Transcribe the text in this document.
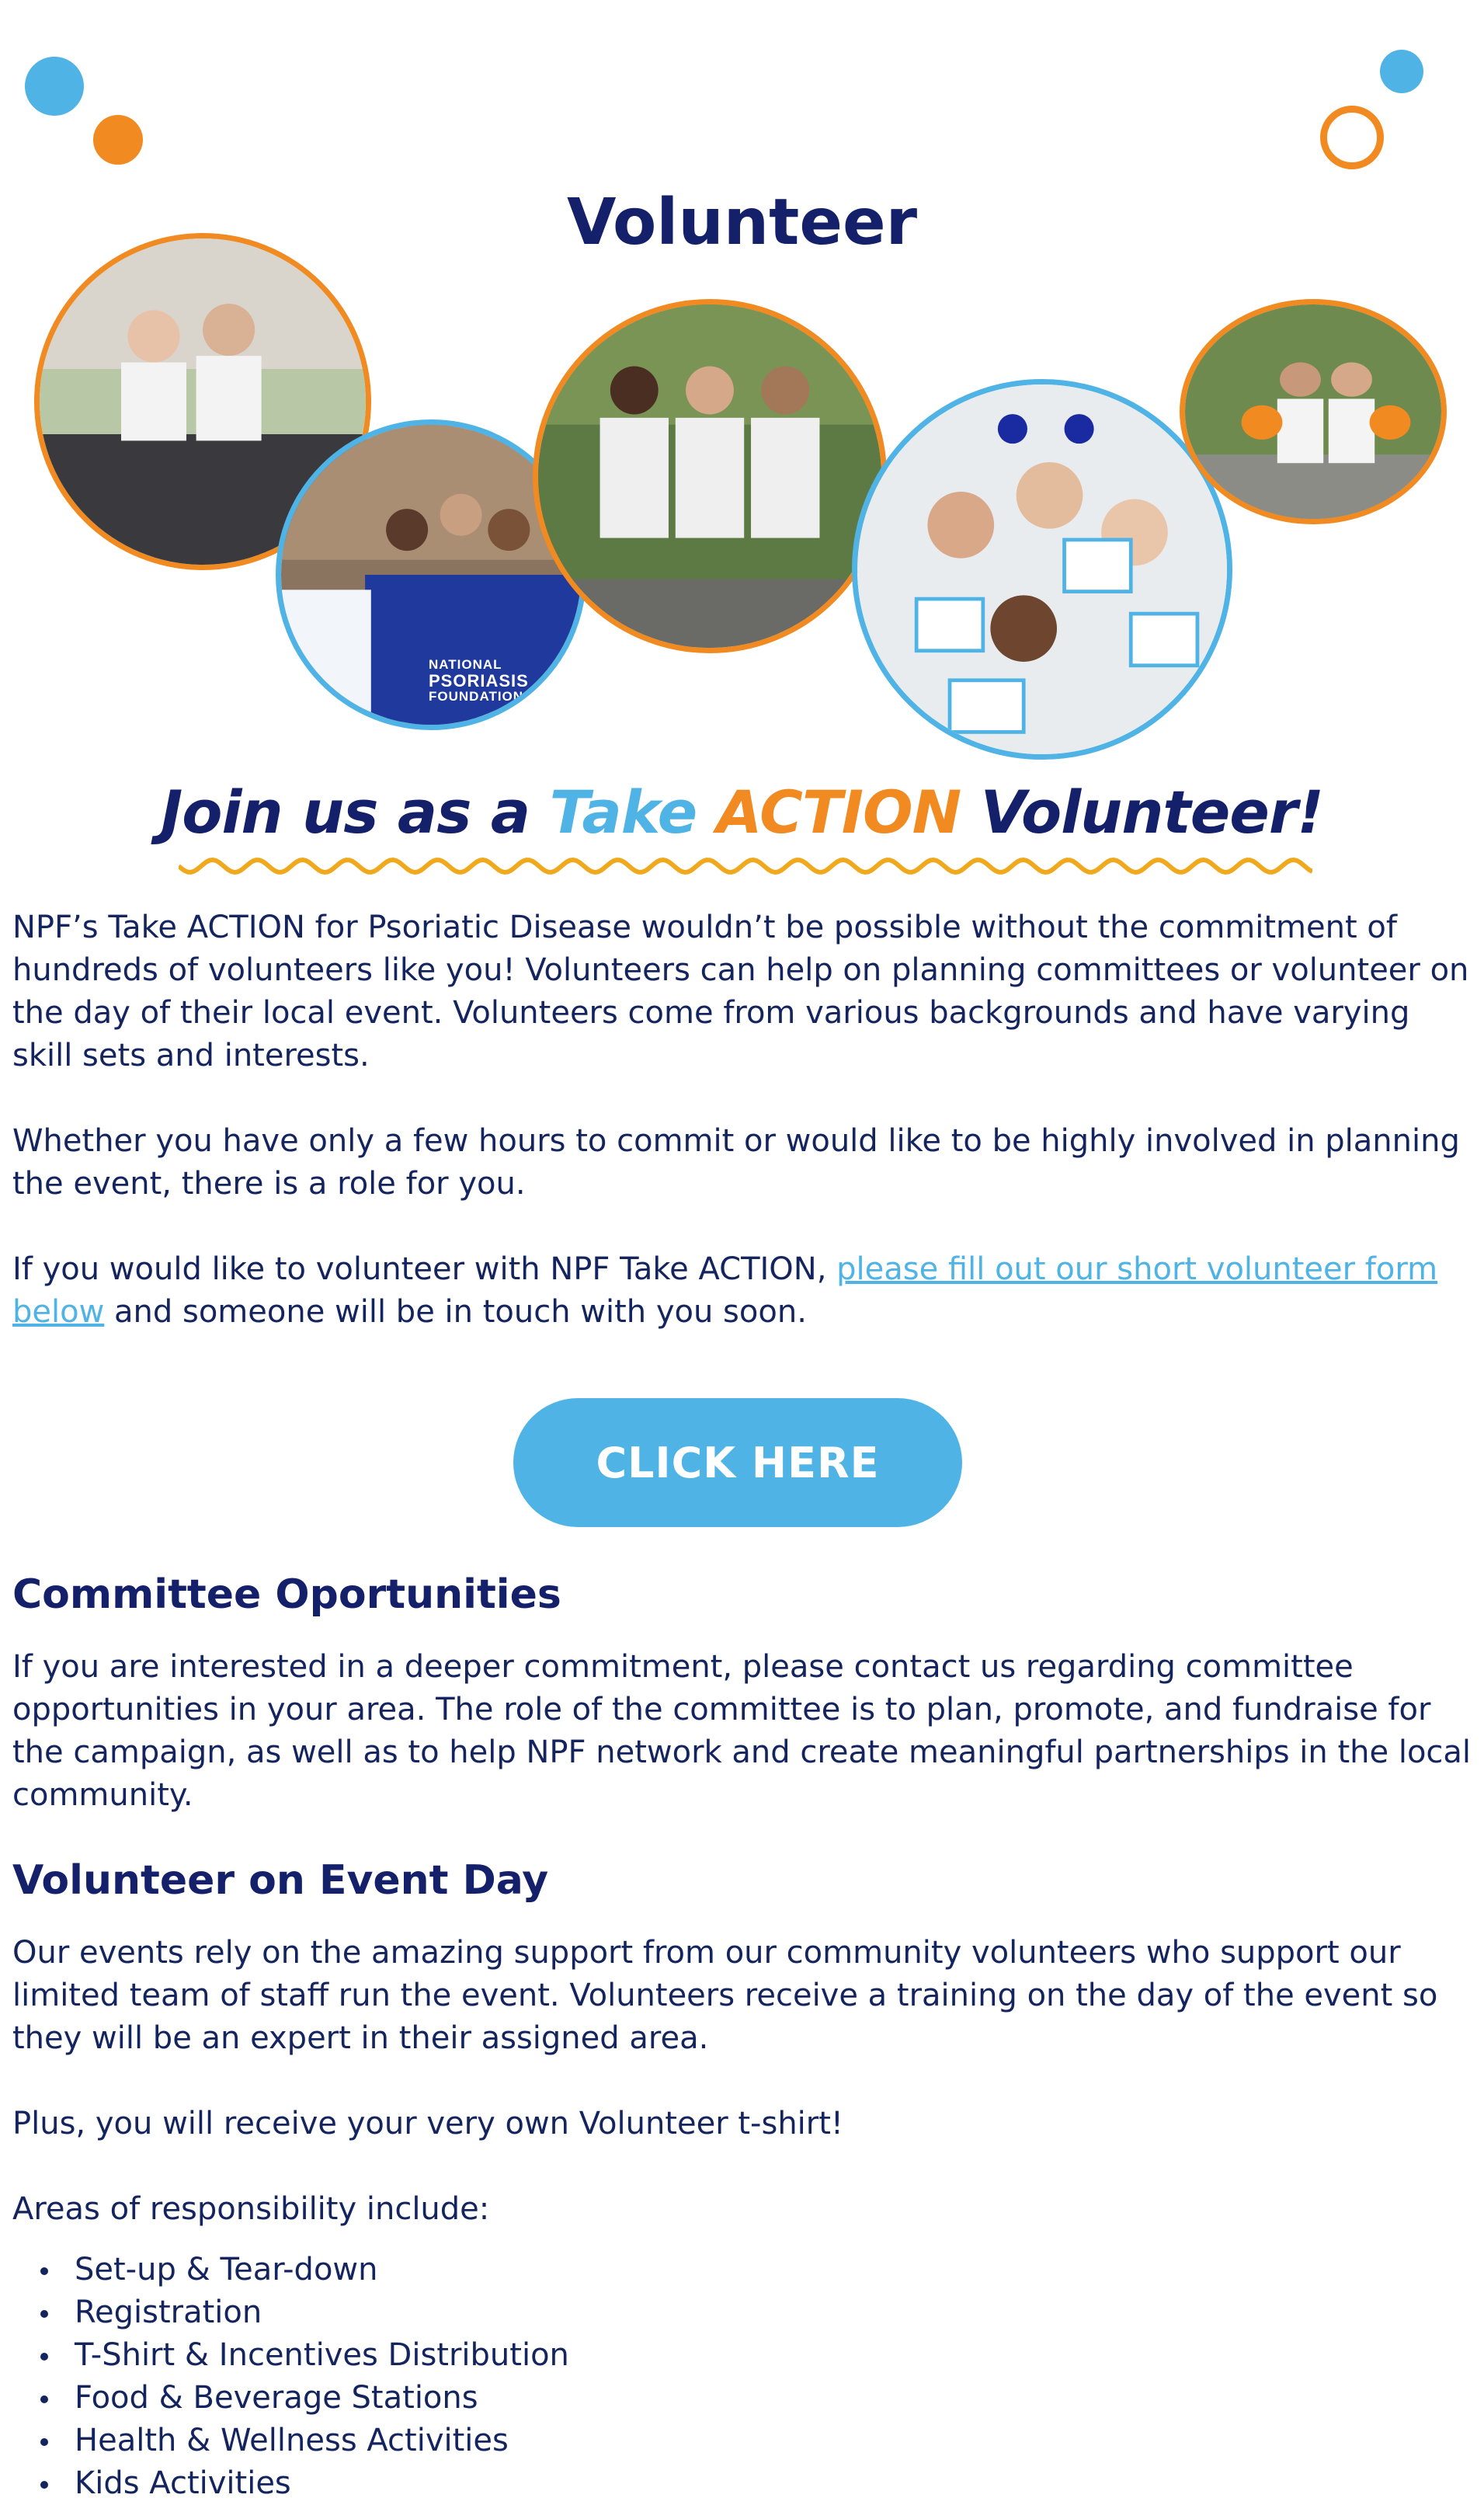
Volunteer
NATIONAL
PSORIASIS
FOUNDATION
Join us as a Take ACTION Volunteer!

NPF’s Take ACTION for Psoriatic Disease wouldn’t be possible without the commitment of hundreds of volunteers like you! Volunteers can help on planning committees or volunteer on the day of their local event. Volunteers come from various backgrounds and have varying skill sets and interests.

Whether you have only a few hours to commit or would like to be highly involved in planning the event, there is a role for you.

If you would like to volunteer with NPF Take ACTION, please fill out our short volunteer form below and someone will be in touch with you soon.

CLICK HERE
Committee Oportunities

If you are interested in a deeper commitment, please contact us regarding committee opportunities in your area. The role of the committee is to plan, promote, and fundraise for the campaign, as well as to help NPF network and create meaningful partnerships in the local community.

Volunteer on Event Day

Our events rely on the amazing support from our community volunteers who support our limited team of staff run the event. Volunteers receive a training on the day of the event so they will be an expert in their assigned area.

Plus, you will receive your very own Volunteer t-shirt!

Areas of responsibility include:

Set-up & Tear-down
Registration
T-Shirt & Incentives Distribution
Food & Beverage Stations
Health & Wellness Activities
Kids Activities
